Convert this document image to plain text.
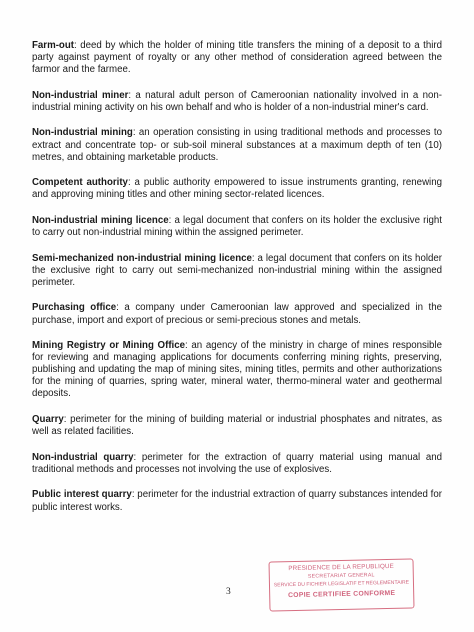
Farm-out: deed by which the holder of mining title transfers the mining of a deposit to a third party against payment of royalty or any other method of consideration agreed between the farmor and the farmee.

Non-industrial miner: a natural adult person of Cameroonian nationality involved in a non-industrial mining activity on his own behalf and who is holder of a non-industrial miner's card.

Non-industrial mining: an operation consisting in using traditional methods and processes to extract and concentrate top- or sub-soil mineral substances at a maximum depth of ten (10) metres, and obtaining marketable products.

Competent authority: a public authority empowered to issue instruments granting, renewing and approving mining titles and other mining sector-related licences.

Non-industrial mining licence: a legal document that confers on its holder the exclusive right to carry out non-industrial mining within the assigned perimeter.

Semi-mechanized non-industrial mining licence: a legal document that confers on its holder the exclusive right to carry out semi-mechanized non-industrial mining within the assigned perimeter.

Purchasing office: a company under Cameroonian law approved and specialized in the purchase, import and export of precious or semi-precious stones and metals.

Mining Registry or Mining Office: an agency of the ministry in charge of mines responsible for reviewing and managing applications for documents conferring mining rights, preserving, publishing and updating the map of mining sites, mining titles, permits and other authorizations for the mining of quarries, spring water, mineral water, thermo-mineral water and geothermal deposits.

Quarry: perimeter for the mining of building material or industrial phosphates and nitrates, as well as related facilities.

Non-industrial quarry: perimeter for the extraction of quarry material using manual and traditional methods and processes not involving the use of explosives.

Public interest quarry: perimeter for the industrial extraction of quarry substances intended for public interest works.

3
PRESIDENCE DE LA REPUBLIQUE
SECRETARIAT GENERAL
SERVICE DU FICHIER LEGISLATIF ET REGLEMENTAIRE
COPIE CERTIFIEE CONFORME
